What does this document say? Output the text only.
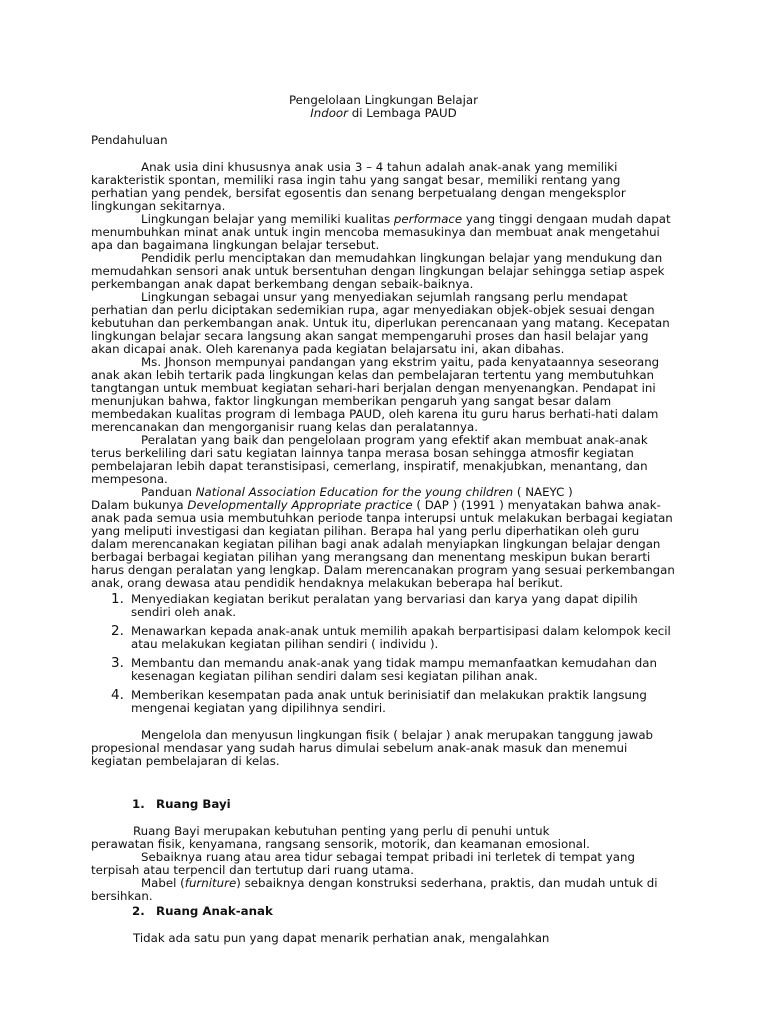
Pengelolaan Lingkungan Belajar
Indoor di Lembaga PAUD

Pendahuluan

Anak usia dini khususnya anak usia 3 – 4 tahun adalah anak-anak yang memiliki karakteristik spontan, memiliki rasa ingin tahu yang sangat besar, memiliki rentang yang perhatian yang pendek, bersifat egosentis dan senang berpetualang dengan mengeksplor lingkungan sekitarnya.

Lingkungan belajar yang memiliki kualitas performace yang tinggi dengaan mudah dapat menumbuhkan minat anak untuk ingin mencoba memasukinya dan membuat anak mengetahui apa dan bagaimana lingkungan belajar tersebut.

Pendidik perlu menciptakan dan memudahkan lingkungan belajar yang mendukung dan memudahkan sensori anak untuk bersentuhan dengan lingkungan belajar sehingga setiap aspek perkembangan anak dapat berkembang dengan sebaik-baiknya.

Lingkungan sebagai unsur yang menyediakan sejumlah rangsang perlu mendapat perhatian dan perlu diciptakan sedemikian rupa, agar menyediakan objek-objek sesuai dengan kebutuhan dan perkembangan anak. Untuk itu, diperlukan perencanaan yang matang. Kecepatan lingkungan belajar secara langsung akan sangat mempengaruhi proses dan hasil belajar yang akan dicapai anak. Oleh karenanya pada kegiatan belajarsatu ini, akan dibahas.

Ms. Jhonson mempunyai pandangan yang ekstrim yaitu, pada kenyataannya seseorang anak akan lebih tertarik pada lingkungan kelas dan pembelajaran tertentu yang membutuhkan tangtangan untuk membuat kegiatan sehari-hari berjalan dengan menyenangkan. Pendapat ini menunjukan bahwa, faktor lingkungan memberikan pengaruh yang sangat besar dalam membedakan kualitas program di lembaga PAUD, oleh karena itu guru harus berhati-hati dalam merencanakan dan mengorganisir ruang kelas dan peralatannya.

Peralatan yang baik dan pengelolaan program yang efektif akan membuat anak-anak terus berkeliling dari satu kegiatan lainnya tanpa merasa bosan sehingga atmosfir kegiatan pembelajaran lebih dapat teranstisipasi, cemerlang, inspiratif, menakjubkan, menantang, dan mempesona.

Panduan National Association Education for the young children ( NAEYC )

Dalam bukunya Developmentally Appropriate practice ( DAP ) (1991 ) menyatakan bahwa anak-anak pada semua usia membutuhkan periode tanpa interupsi untuk melakukan berbagai kegiatan yang meliputi investigasi dan kegiatan pilihan. Berapa hal yang perlu diperhatikan oleh guru dalam merencanakan kegiatan pilihan bagi anak adalah menyiapkan lingkungan belajar dengan berbagai berbagai kegiatan pilihan yang merangsang dan menentang meskipun bukan berarti harus dengan peralatan yang lengkap. Dalam merencanakan program yang sesuai perkembangan anak, orang dewasa atau pendidik hendaknya melakukan beberapa hal berikut.

1. Menyediakan kegiatan berikut peralatan yang bervariasi dan karya yang dapat dipilih sendiri oleh anak.
2. Menawarkan kepada anak-anak untuk memilih apakah berpartisipasi dalam kelompok kecil atau melakukan kegiatan pilihan sendiri ( individu ).
3. Membantu dan memandu anak-anak yang tidak mampu memanfaatkan kemudahan dan kesenagan kegiatan pilihan sendiri dalam sesi kegiatan pilihan anak.
4. Memberikan kesempatan pada anak untuk berinisiatif dan melakukan praktik langsung mengenai kegiatan yang dipilihnya sendiri.

Mengelola dan menyusun lingkungan fisik ( belajar ) anak merupakan tanggung jawab propesional mendasar yang sudah harus dimulai sebelum anak-anak masuk dan menemui kegiatan pembelajaran di kelas.

1. Ruang Bayi

Ruang Bayi merupakan kebutuhan penting yang perlu di penuhi untuk

perawatan fisik, kenyamana, rangsang sensorik, motorik, dan keamanan emosional.

Sebaiknya ruang atau area tidur sebagai tempat pribadi ini terletek di tempat yang terpisah atau terpencil dan tertutup dari ruang utama.

Mabel (furniture) sebaiknya dengan konstruksi sederhana, praktis, dan mudah untuk di bersihkan.

2. Ruang Anak-anak

Tidak ada satu pun yang dapat menarik perhatian anak, mengalahkan
